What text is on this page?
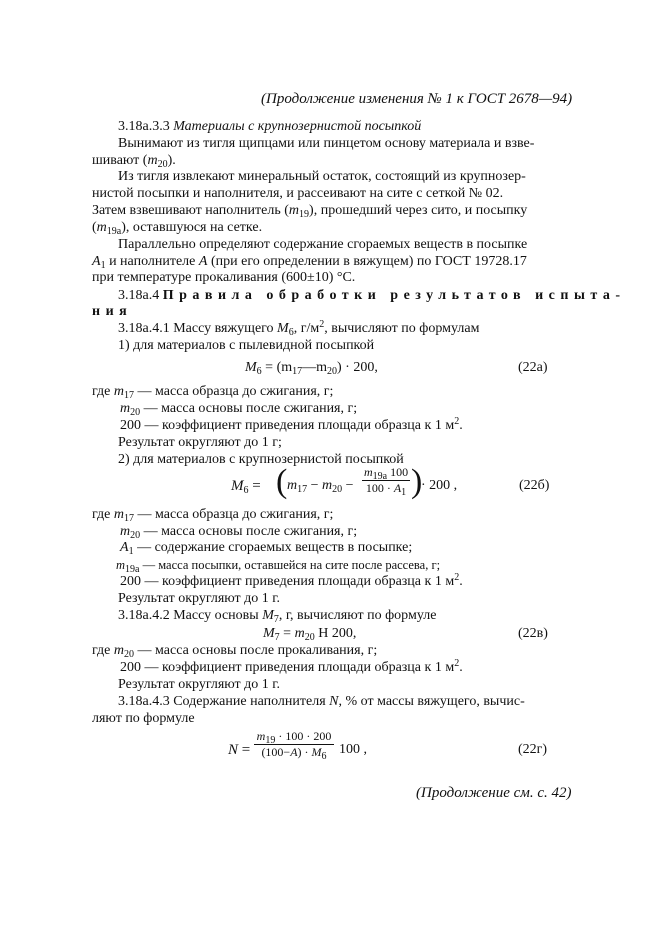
(Продолжение изменения № 1 к ГОСТ 2678—94)
3.18a.3.3 Материалы с крупнозернистой посыпкой
Вынимают из тигля щипцами или пинцетом основу материала и взве-
шивают $(m_{20})$.
Из тигля извлекают минеральный остаток, состоящий из крупнозер-
нистой посыпки и наполнителя, и рассеивают на сите с сеткой № 02.
Затем взвешивают наполнитель $(m_{19})$, прошедший через сито, и посыпку
$(m_{19a})$, оставшуюся на сетке.
Параллельно определяют содержание сгораемых веществ в посыпке
$A_1$ и наполнителе A (при его определении в вяжущем) по ГОСТ 19728.17
при температуре прокаливания (600±10) °С.
3.18a.4 Правила обработки результатов испыта-
ния
3.18a.4.1 Массу вяжущего $M_6$, $г/м^2$, вычисляют по формулам
1) для материалов с пылевидной посыпкой
$M_6$ = $(m_{17}—m_{20}) \cdot 200$,	(22a)
где $m_{17}$ — масса образца до сжигания, г;
$m_{20}$ — масса основы после сжигания, г;
200 — коэффициент приведения площади образца к 1 $м^2$.
Результат округляют до 1 г;
2) для материалов с крупнозернистой посыпкой
$M_6$ = ( $m_{17} - m_{20}$ −
$m_{19a}$ 100
$100 \cdot A_1$ )
· 200 ,	(22б)
где $m_{17}$ — масса образца до сжигания, г;
$m_{20}$ — масса основы после сжигания, г;
$A_1$ — содержание сгораемых веществ в посыпке;
$m_{19a}$ — масса посыпки, оставшейся на сите после рассева, г;
200 — коэффициент приведения площади образца к 1 $м^2$.
Результат округляют до 1 г.
3.18a.4.2 Массу основы $M_7$, г, вычисляют по формуле
$M_7 = m_{20}$ Н 200,	(22в)
где $m_{20}$ — масса основы после прокаливания, г;
200 — коэффициент приведения площади образца к 1 $м^2$.
Результат округляют до 1 г.
3.18a.4.3 Содержание наполнителя N, % от массы вяжущего, вычис-
ляют по формуле
N =
$m_{19} \cdot 100 \cdot 200$
$(100-A) \cdot M_6$ 100 ,	(22г)
(Продолжение см. с. 42)
